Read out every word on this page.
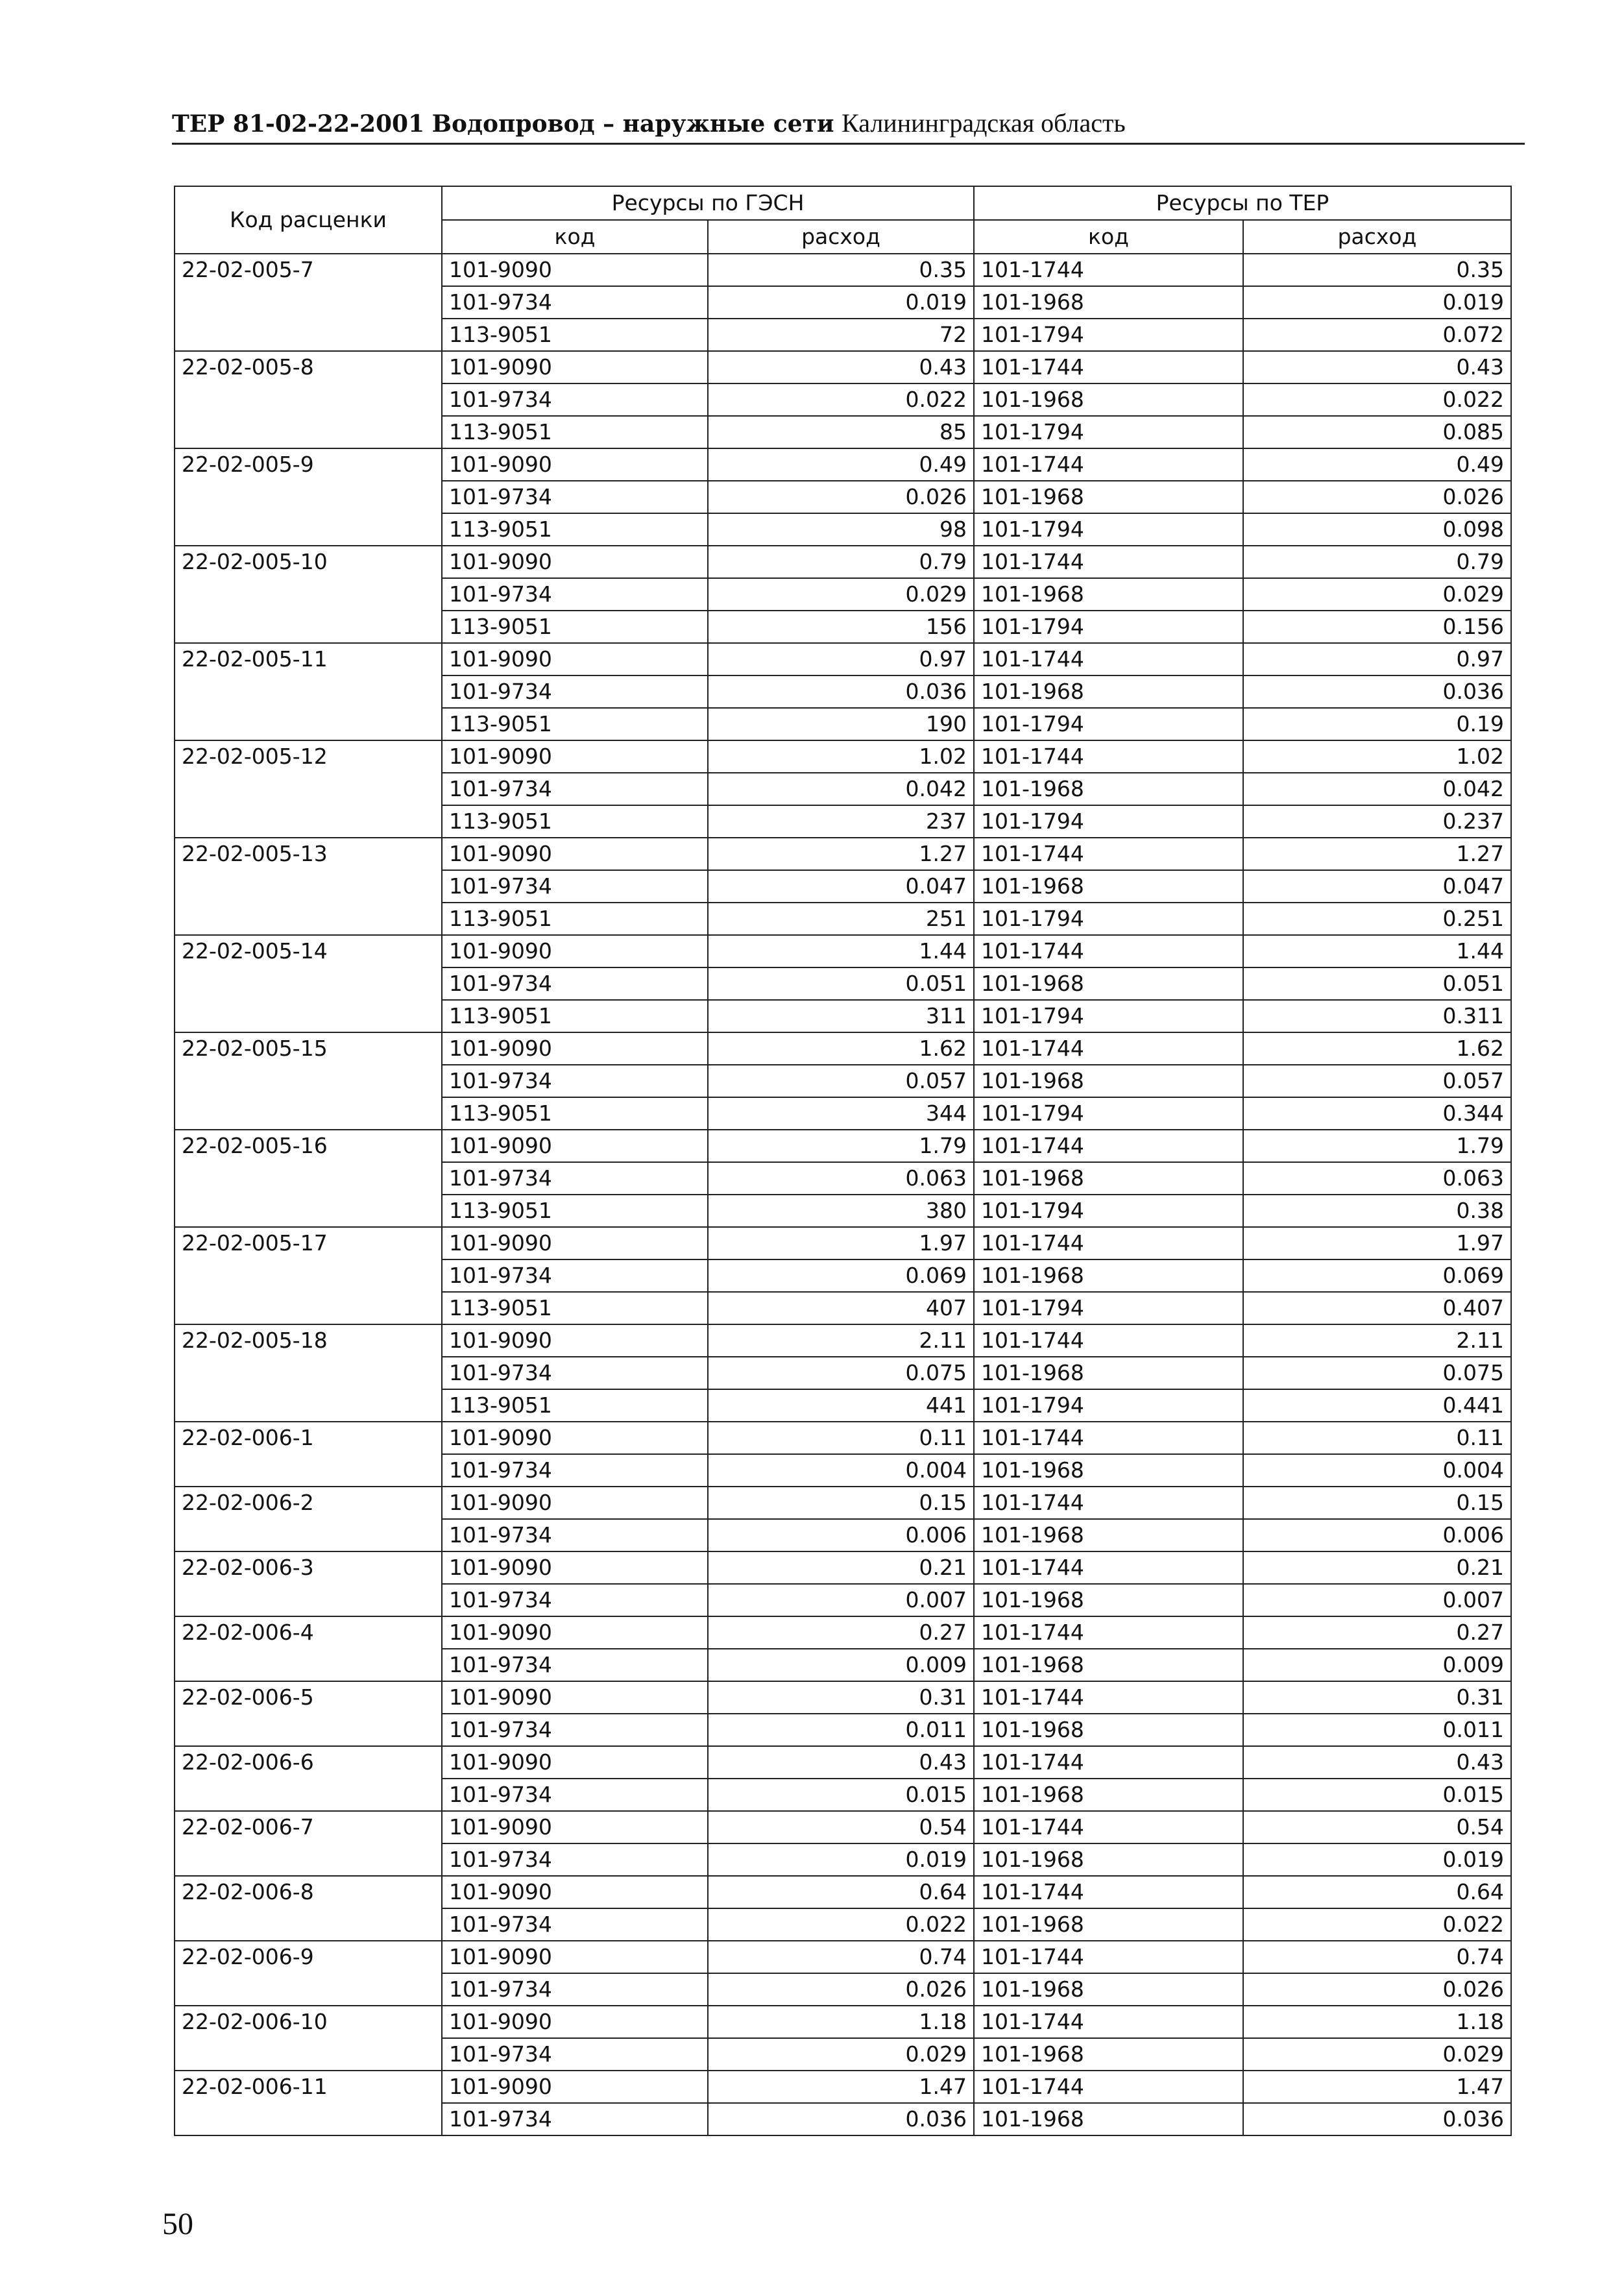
ТЕР 81-02-22-2001 Водопровод – наружные сети Калининградская область
Код расценки	Ресурсы по ГЭСН		Ресурсы по ТЕР	
	код	расход	код	расход
22-02-005-7	101-9090	0.35	101-1744	0.35
	101-9734	0.019	101-1968	0.019
	113-9051	72	101-1794	0.072
22-02-005-8	101-9090	0.43	101-1744	0.43
	101-9734	0.022	101-1968	0.022
	113-9051	85	101-1794	0.085
22-02-005-9	101-9090	0.49	101-1744	0.49
	101-9734	0.026	101-1968	0.026
	113-9051	98	101-1794	0.098
22-02-005-10	101-9090	0.79	101-1744	0.79
	101-9734	0.029	101-1968	0.029
	113-9051	156	101-1794	0.156
22-02-005-11	101-9090	0.97	101-1744	0.97
	101-9734	0.036	101-1968	0.036
	113-9051	190	101-1794	0.19
22-02-005-12	101-9090	1.02	101-1744	1.02
	101-9734	0.042	101-1968	0.042
	113-9051	237	101-1794	0.237
22-02-005-13	101-9090	1.27	101-1744	1.27
	101-9734	0.047	101-1968	0.047
	113-9051	251	101-1794	0.251
22-02-005-14	101-9090	1.44	101-1744	1.44
	101-9734	0.051	101-1968	0.051
	113-9051	311	101-1794	0.311
22-02-005-15	101-9090	1.62	101-1744	1.62
	101-9734	0.057	101-1968	0.057
	113-9051	344	101-1794	0.344
22-02-005-16	101-9090	1.79	101-1744	1.79
	101-9734	0.063	101-1968	0.063
	113-9051	380	101-1794	0.38
22-02-005-17	101-9090	1.97	101-1744	1.97
	101-9734	0.069	101-1968	0.069
	113-9051	407	101-1794	0.407
22-02-005-18	101-9090	2.11	101-1744	2.11
	101-9734	0.075	101-1968	0.075
	113-9051	441	101-1794	0.441
22-02-006-1	101-9090	0.11	101-1744	0.11
	101-9734	0.004	101-1968	0.004
22-02-006-2	101-9090	0.15	101-1744	0.15
	101-9734	0.006	101-1968	0.006
22-02-006-3	101-9090	0.21	101-1744	0.21
	101-9734	0.007	101-1968	0.007
22-02-006-4	101-9090	0.27	101-1744	0.27
	101-9734	0.009	101-1968	0.009
22-02-006-5	101-9090	0.31	101-1744	0.31
	101-9734	0.011	101-1968	0.011
22-02-006-6	101-9090	0.43	101-1744	0.43
	101-9734	0.015	101-1968	0.015
22-02-006-7	101-9090	0.54	101-1744	0.54
	101-9734	0.019	101-1968	0.019
22-02-006-8	101-9090	0.64	101-1744	0.64
	101-9734	0.022	101-1968	0.022
22-02-006-9	101-9090	0.74	101-1744	0.74
	101-9734	0.026	101-1968	0.026
22-02-006-10	101-9090	1.18	101-1744	1.18
	101-9734	0.029	101-1968	0.029
22-02-006-11	101-9090	1.47	101-1744	1.47
	101-9734	0.036	101-1968	0.036
50
